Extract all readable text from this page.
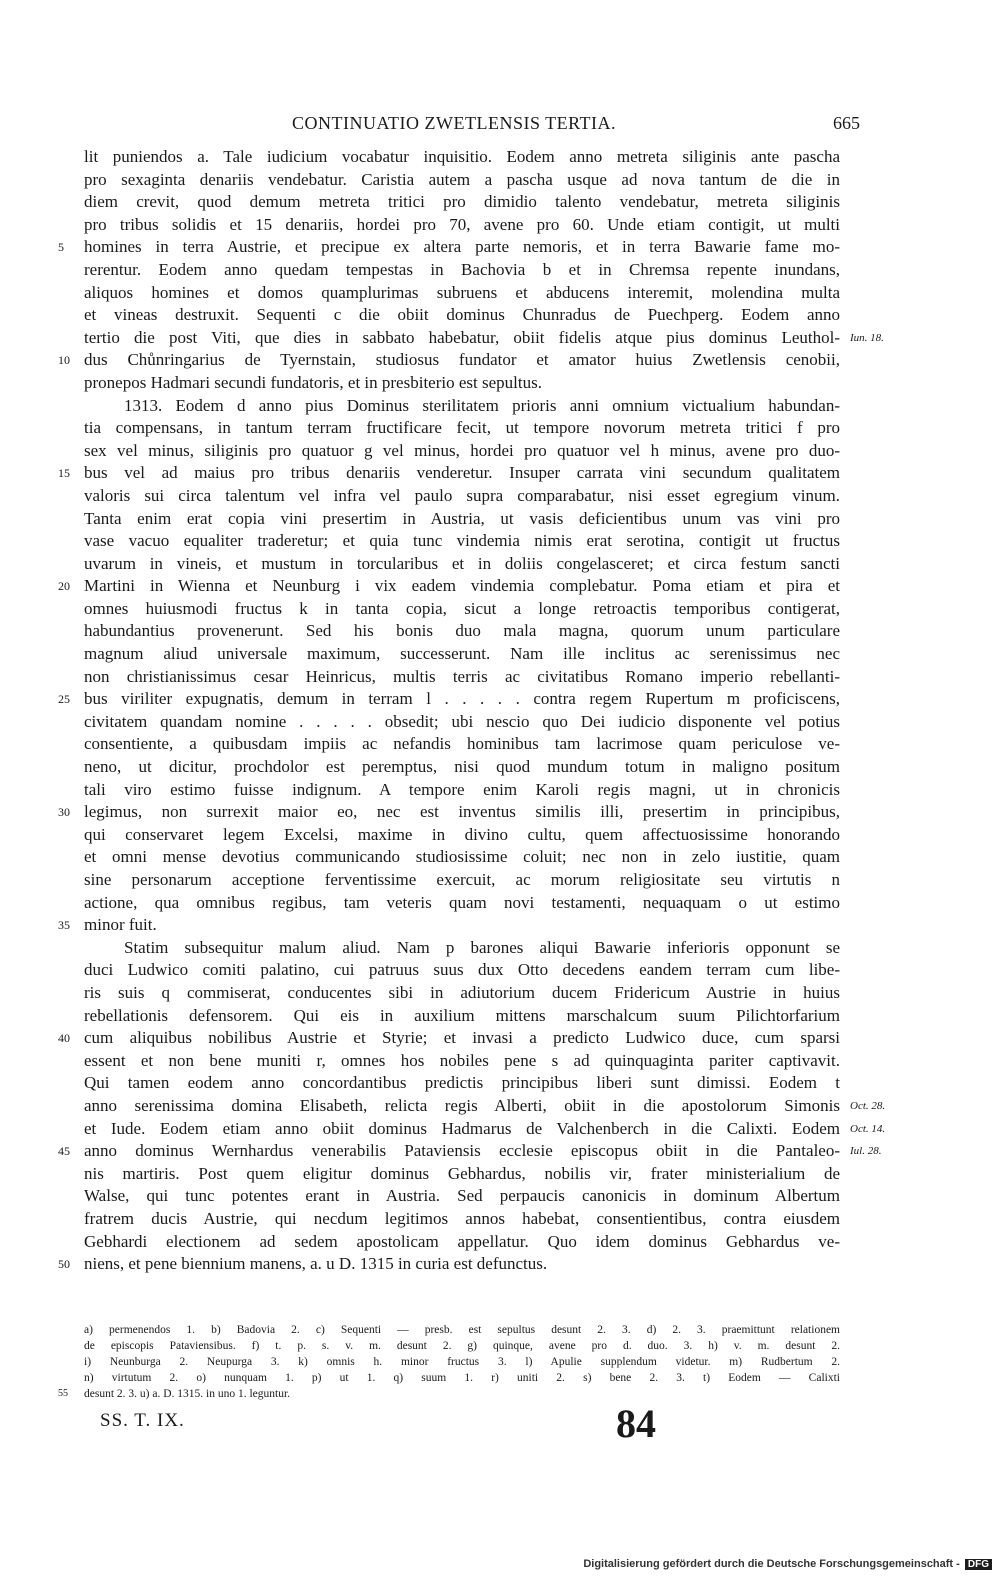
CONTINUATIO ZWETLENSIS TERTIA.	665
lit puniendos a. Tale iudicium vocabatur inquisitio. Eodem anno metreta siliginis ante pascha
pro sexaginta denariis vendebatur. Caristia autem a pascha usque ad nova tantum de die in
diem crevit, quod demum metreta tritici pro dimidio talento vendebatur, metreta siliginis
pro tribus solidis et 15 denariis, hordei pro 70, avene pro 60. Unde etiam contigit, ut multi
5	homines in terra Austrie, et precipue ex altera parte nemoris, et in terra Bawarie fame mo-
rerentur. Eodem anno quedam tempestas in Bachovia b et in Chremsa repente inundans,
aliquos homines et domos quamplurimas subruens et abducens interemit, molendina multa
et vineas destruxit. Sequenti c die obiit dominus Chunradus de Puechperg. Eodem anno
tertio die post Viti, que dies in sabbato habebatur, obiit fidelis atque pius dominus Leuthol- Iun. 18.
10 dus Chůnringarius de Tyernstain, studiosus fundator et amator huius Zwetlensis cenobii,
pronepos Hadmari secundi fundatoris, et in presbiterio est sepultus.
1313. Eodem d anno pius Dominus sterilitatem prioris anni omnium victualium habundan-
tia compensans, in tantum terram fructificare fecit, ut tempore novorum metreta tritici f pro
sex vel minus, siliginis pro quatuor g vel minus, hordei pro quatuor vel h minus, avene pro duo-
15 bus vel ad maius pro tribus denariis venderetur. Insuper carrata vini secundum qualitatem
valoris sui circa talentum vel infra vel paulo supra comparabatur, nisi esset egregium vinum.
Tanta enim erat copia vini presertim in Austria, ut vasis deficientibus unum vas vini pro
vase vacuo equaliter traderetur; et quia tunc vindemia nimis erat serotina, contigit ut fructus
uvarum in vineis, et mustum in torcularibus et in doliis congelasceret; et circa festum sancti
20 Martini in Wienna et Neunburg i vix eadem vindemia complebatur. Poma etiam et pira et
omnes huiusmodi fructus k in tanta copia, sicut a longe retroactis temporibus contigerat,
habundantius provenerunt. Sed his bonis duo mala magna, quorum unum particulare
magnum aliud universale maximum, successerunt. Nam ille inclitus ac serenissimus nec
non christianissimus cesar Heinricus, multis terris ac civitatibus Romano imperio rebellanti-
25 bus viriliter expugnatis, demum in terram l . . . . . contra regem Rupertum m proficiscens,
civitatem quandam nomine . . . . . obsedit; ubi nescio quo Dei iudicio disponente vel potius
consentiente, a quibusdam impiis ac nefandis hominibus tam lacrimose quam periculose ve-
neno, ut dicitur, prochdolor est peremptus, nisi quod mundum totum in maligno positum
tali viro estimo fuisse indignum. A tempore enim Karoli regis magni, ut in chronicis
30 legimus, non surrexit maior eo, nec est inventus similis illi, presertim in principibus,
qui conservaret legem Excelsi, maxime in divino cultu, quem affectuosissime honorando
et omni mense devotius communicando studiosissime coluit; nec non in zelo iustitie, quam
sine personarum acceptione ferventissime exercuit, ac morum religiositate seu virtutis n
actione, qua omnibus regibus, tam veteris quam novi testamenti, nequaquam o ut estimo
35 minor fuit.
Statim subsequitur malum aliud. Nam p barones aliqui Bawarie inferioris opponunt se
duci Ludwico comiti palatino, cui patruus suus dux Otto decedens eandem terram cum libe-
ris suis q commiserat, conducentes sibi in adiutorium ducem Fridericum Austrie in huius
rebellationis defensorem. Qui eis in auxilium mittens marschalcum suum Pilichtorfarium
40 cum aliquibus nobilibus Austrie et Styrie; et invasi a predicto Ludwico duce, cum sparsi
essent et non bene muniti r, omnes hos nobiles pene s ad quinquaginta pariter captivavit.
Qui tamen eodem anno concordantibus predictis principibus liberi sunt dimissi. Eodem t
anno serenissima domina Elisabeth, relicta regis Alberti, obiit in die apostolorum Simonis Oct. 28.
et Iude. Eodem etiam anno obiit dominus Hadmarus de Valchenberch in die Calixti. Eodem Oct. 14.
45 anno dominus Wernhardus venerabilis Pataviensis ecclesie episcopus obiit in die Pantaleo- Iul. 28.
nis martiris. Post quem eligitur dominus Gebhardus, nobilis vir, frater ministerialium de
Walse, qui tunc potentes erant in Austria. Sed perpaucis canonicis in dominum Albertum
fratrem ducis Austrie, qui necdum legitimos annos habebat, consentientibus, contra eiusdem
Gebhardi electionem ad sedem apostolicam appellatur. Quo idem dominus Gebhardus ve-
50 niens, et pene biennium manens, a. u D. 1315 in curia est defunctus.
a) permenendos 1. b) Badovia 2. c) Sequenti — presb. est sepultus desunt 2. 3. d) 2. 3. praemittunt relationem
de episcopis Pataviensibus. f) t. p. s. v. m. desunt 2. g) quinque, avene pro d. duo. 3. h) v. m. desunt 2.
i) Neunburga 2. Neupurga 3. k) omnis h. minor fructus 3. l) Apulie supplendum videtur. m) Rudbertum 2.
n) virtutum 2. o) nunquam 1. p) ut 1. q) suum 1. r) uniti 2. s) bene 2. 3. t) Eodem — Calixti
55	desunt 2. 3. u) a. D. 1315. in uno 1. leguntur.
SS. T. IX.	84
Digitalisierung gefördert durch die Deutsche Forschungsgemeinschaft - DFG
